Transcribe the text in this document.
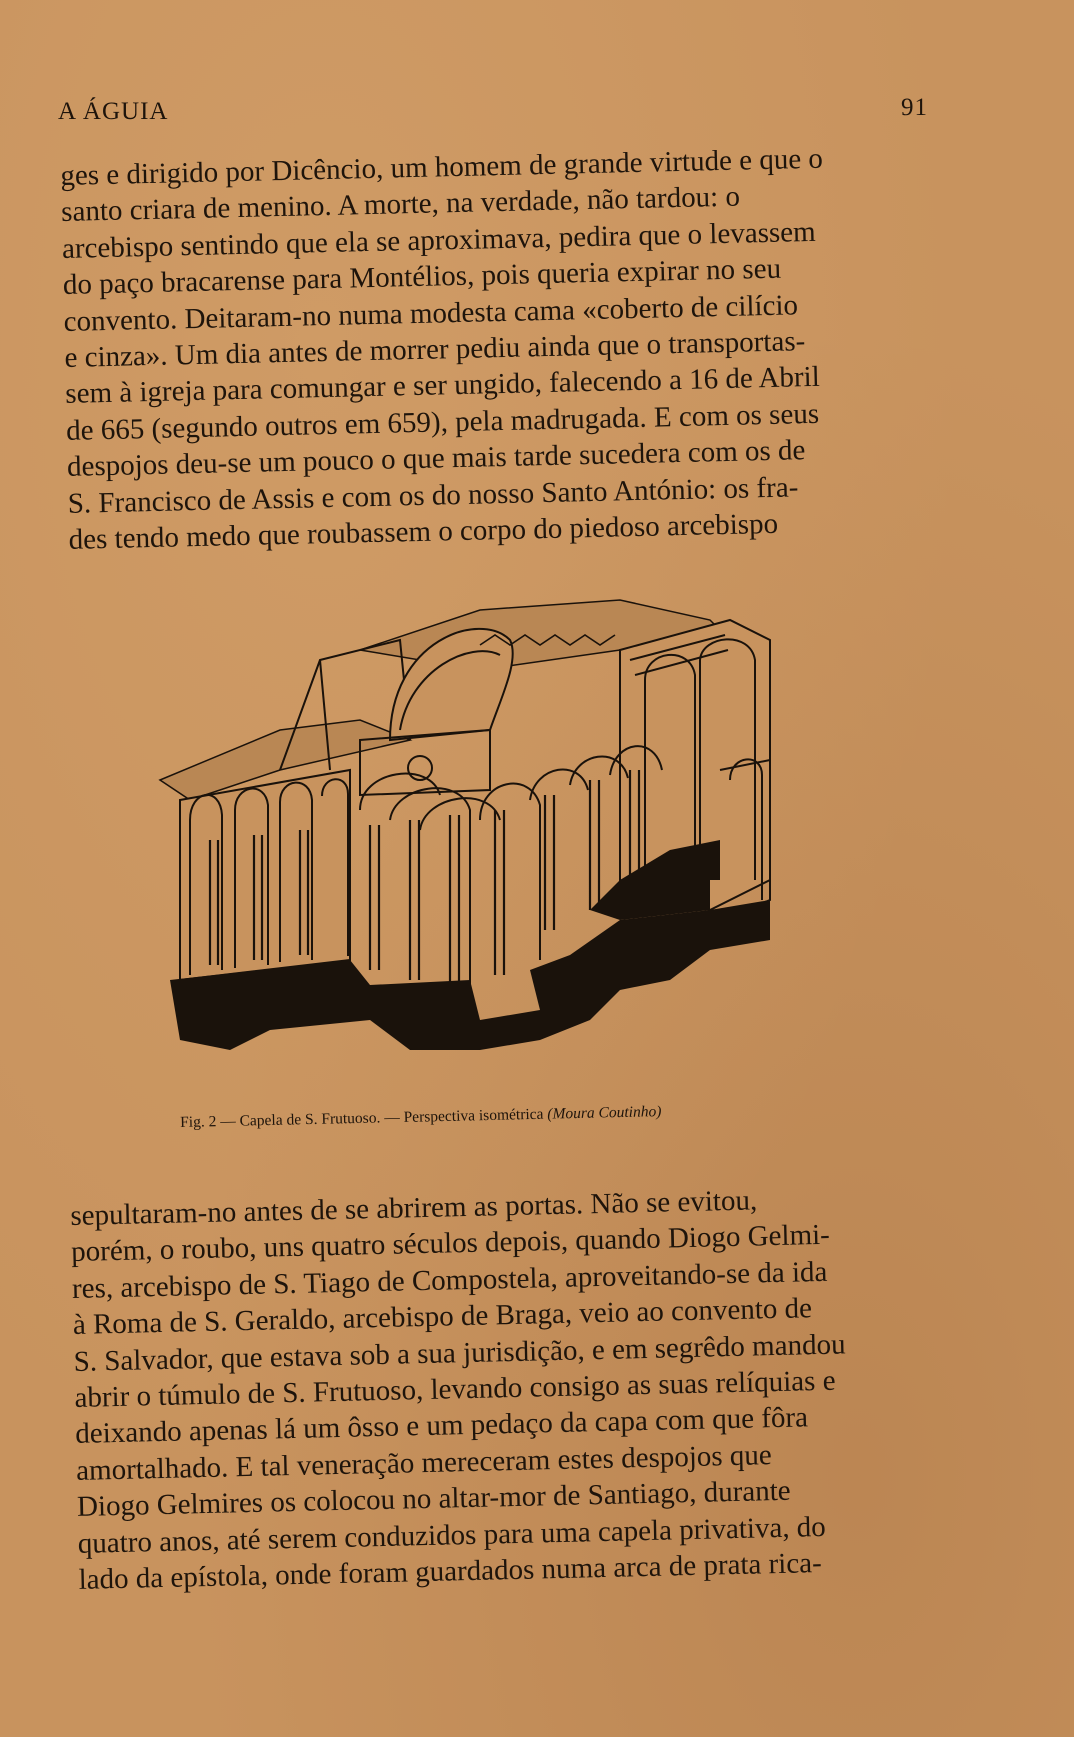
A ÁGUIA	91

ges e dirigido por Dicêncio, um homem de grande virtude e que o
santo criara de menino. A morte, na verdade, não tardou: o
arcebispo sentindo que ela se aproximava, pedira que o levassem
do paço bracarense para Montélios, pois queria expirar no seu
convento. Deitaram-no numa modesta cama «coberto de cilício
e cinza». Um dia antes de morrer pediu ainda que o transportas-
sem à igreja para comungar e ser ungido, falecendo a 16 de Abril
de 665 (segundo outros em 659), pela madrugada. E com os seus
despojos deu-se um pouco o que mais tarde sucedera com os de
S. Francisco de Assis e com os do nosso Santo António: os fra-
des tendo medo que roubassem o corpo do piedoso arcebispo

Fig. 2 — Capela de S. Frutuoso. — Perspectiva isométrica (Moura Coutinho)

sepultaram-no antes de se abrirem as portas. Não se evitou,
porém, o roubo, uns quatro séculos depois, quando Diogo Gelmi-
res, arcebispo de S. Tiago de Compostela, aproveitando-se da ida
à Roma de S. Geraldo, arcebispo de Braga, veio ao convento de
S. Salvador, que estava sob a sua jurisdição, e em segrêdo mandou
abrir o túmulo de S. Frutuoso, levando consigo as suas relíquias e
deixando apenas lá um ôsso e um pedaço da capa com que fôra
amortalhado. E tal veneração mereceram estes despojos que
Diogo Gelmires os colocou no altar-mor de Santiago, durante
quatro anos, até serem conduzidos para uma capela privativa, do
lado da epístola, onde foram guardados numa arca de prata rica-
